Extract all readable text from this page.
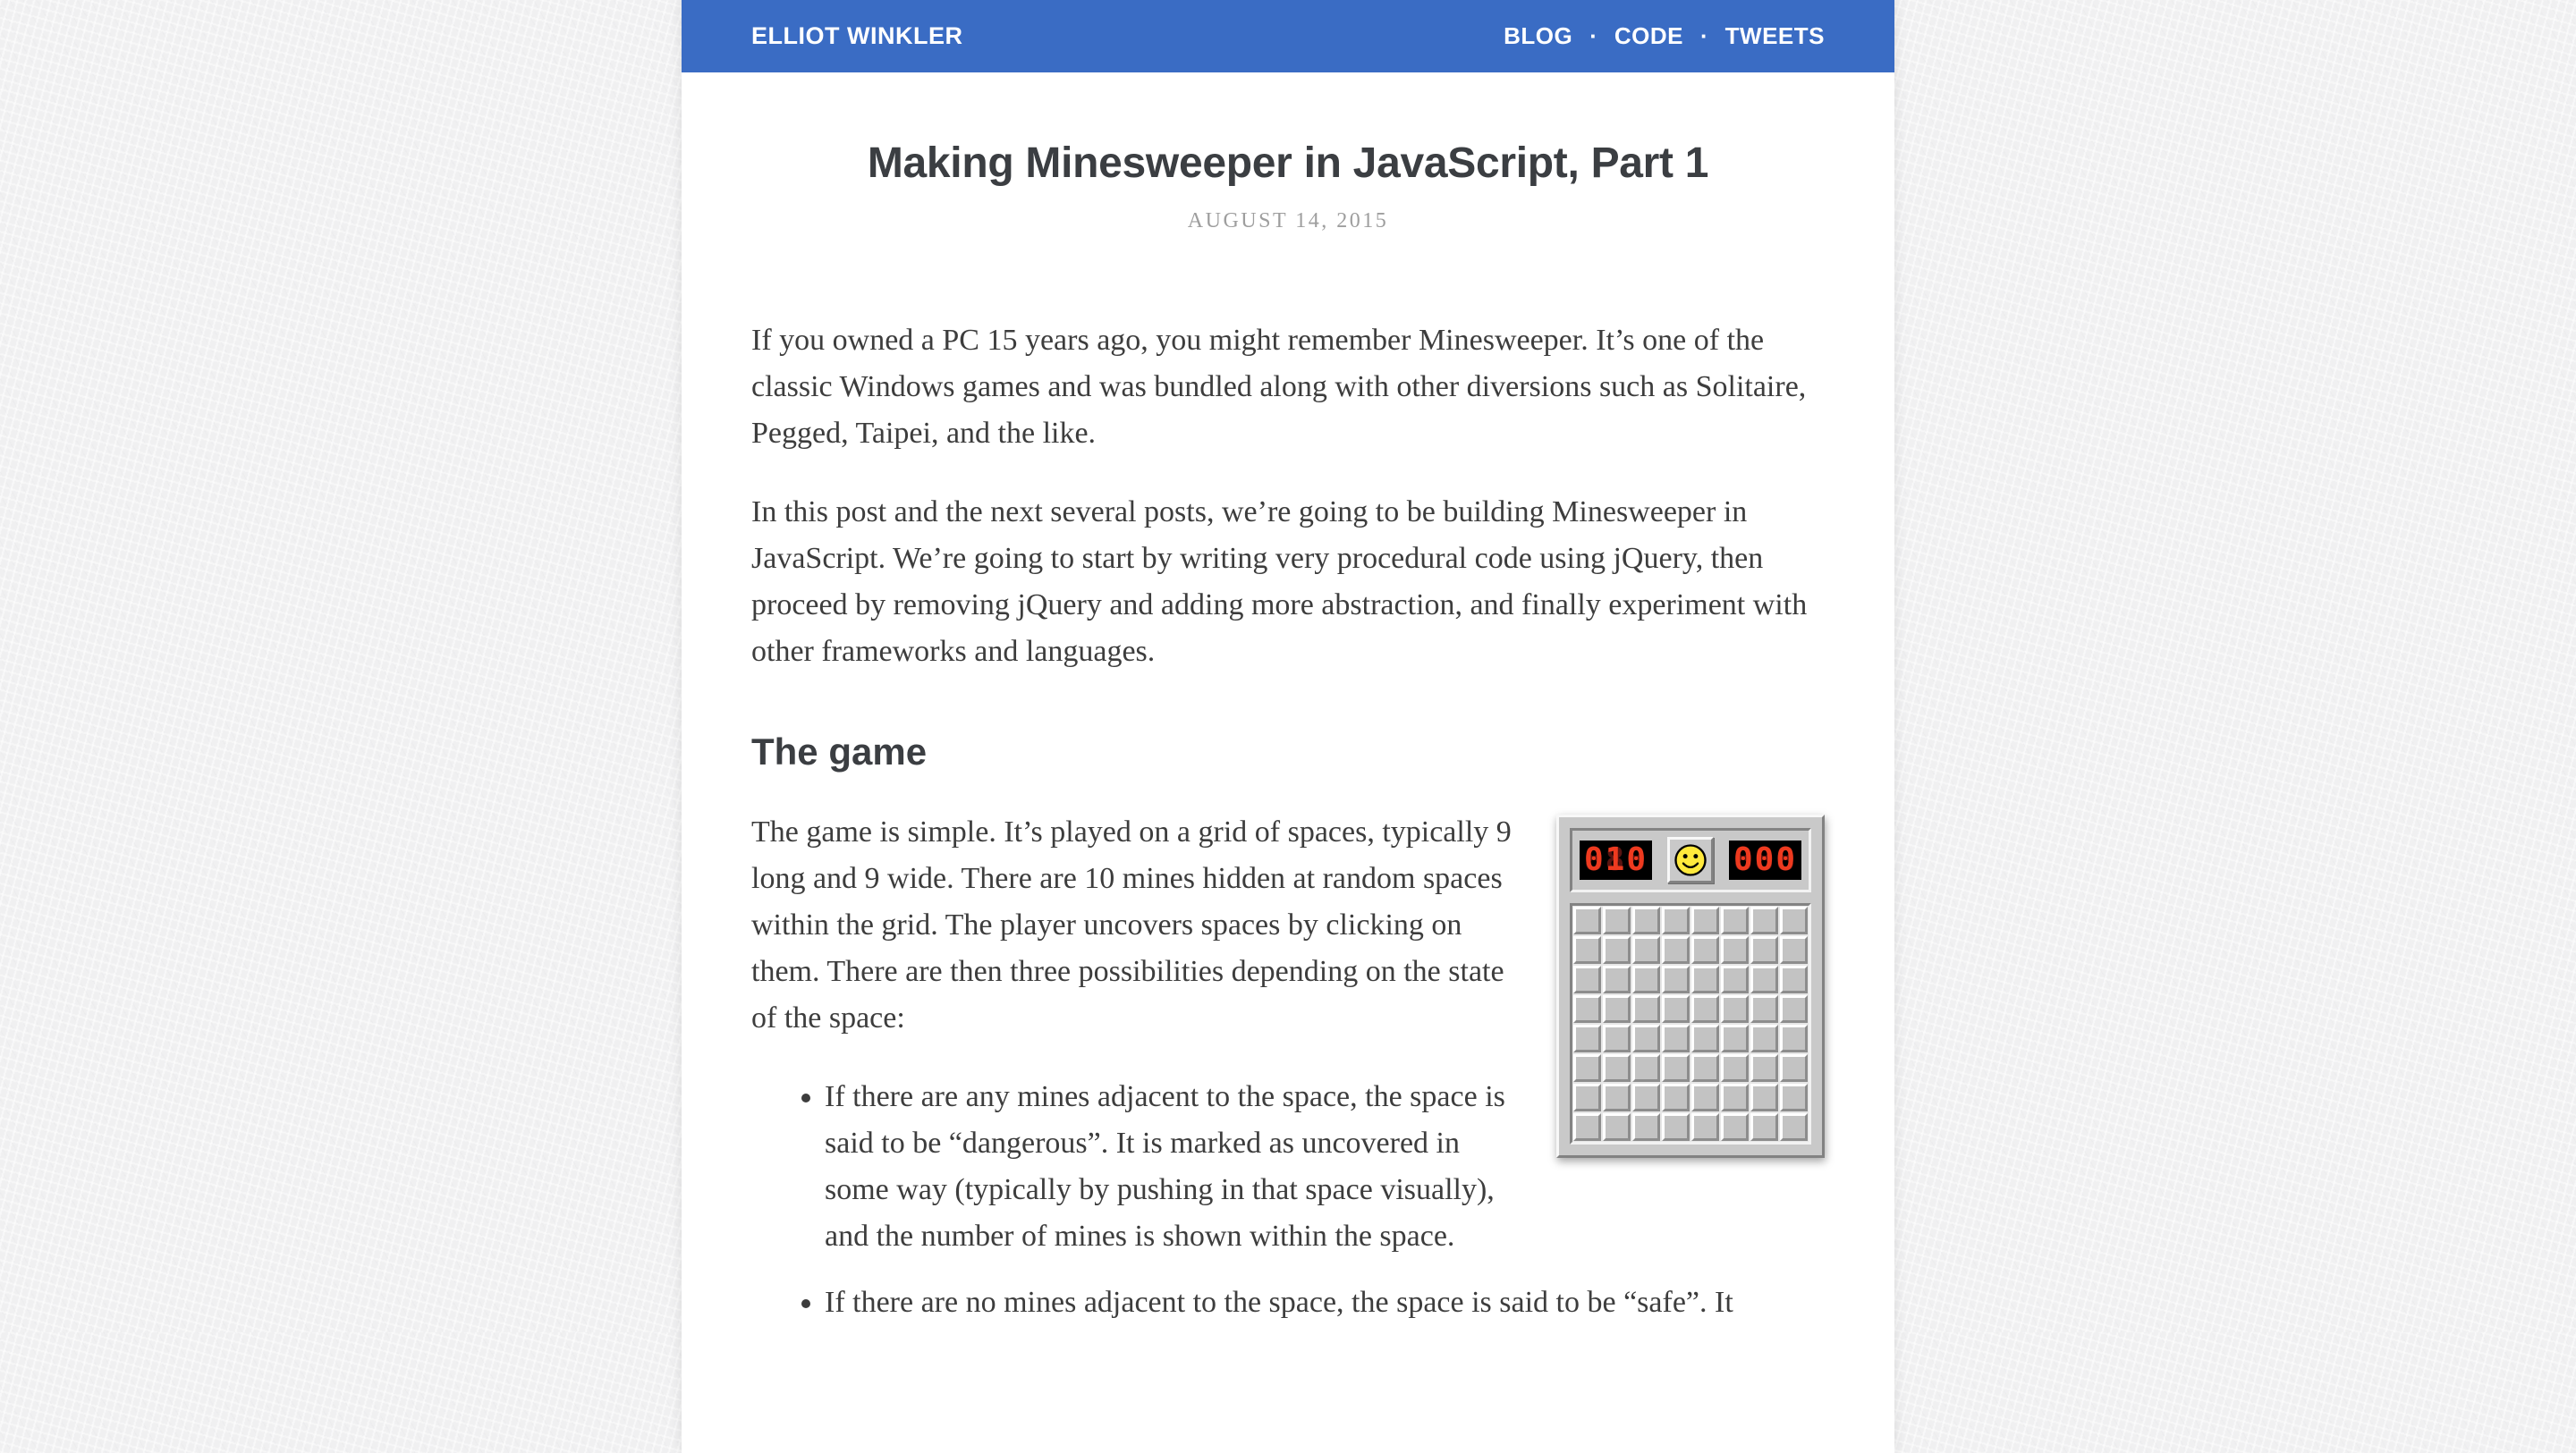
ELLIOT WINKLER	BLOG · CODE · TWEETS
Making Minesweeper in JavaScript, Part 1
AUGUST 14, 2015

If you owned a PC 15 years ago, you might remember Minesweeper. It’s one of the classic Windows games and was bundled along with other diversions such as Solitaire, Pegged, Taipei, and the like.

In this post and the next several posts, we’re going to be building Minesweeper in JavaScript. We’re going to start by writing very procedural code using jQuery, then proceed by removing jQuery and adding more abstraction, and finally experiment with other frameworks and languages.

The game
888 010	888 000

The game is simple. It’s played on a grid of spaces, typically 9 long and 9 wide. There are 10 mines hidden at random spaces within the grid. The player uncovers spaces by clicking on them. There are then three possibilities depending on the state of the space:

• If there are any mines adjacent to the space, the space is said to be “dangerous”. It is marked as uncovered in some way (typically by pushing in that space visually), and the number of mines is shown within the space.
• If there are no mines adjacent to the space, the space is said to be “safe”. It
